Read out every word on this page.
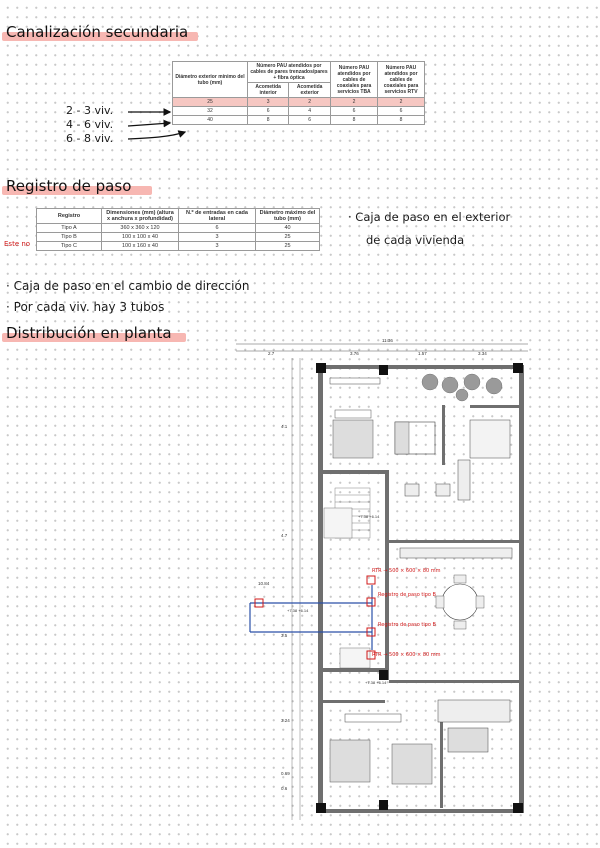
Canalización secundaria
Diámetro exterior mínimo del tubo (mm)	Número PAU atendidos por cables de pares trenzados/pares + fibra óptica		Número PAU atendidos por cables de coaxiales para servicios TBA	Número PAU atendidos por cables de coaxiales para servicios RTV
	Acometida interior	Acometida exterior		
25	3	2	2	2
32	6	4	6	6
40	8	6	8	8
2 - 3 viv.
4 - 6 viv.
6 - 8 viv.
Registro de paso
Registro	Dimensiones (mm) (altura x anchura x profundidad)	N.º de entradas en cada lateral	Diámetro máximo del tubo (mm)
Tipo A	360 x 360 x 120	6	40
Tipo B	100 x 100 x 40	3	25
Tipo C	100 x 160 x 40	3	25
Este no
· Caja de paso en el exterior
de cada vivienda
· Caja de paso en el cambio de dirección
· Por cada viv. hay 3 tubos
Distribución en planta	11.36
2.7	3.76	1.57	3.34
4.1
4.7
10.84
3.5
3.24
0.69
0.6
+7.38 +6.14
+7.38 +6.14
+7.38 +6.14
RTR → 500 × 600 × 80 mm
Registro de paso tipo B
Registro de paso tipo B
RTR → 500 × 600 × 80 mm
